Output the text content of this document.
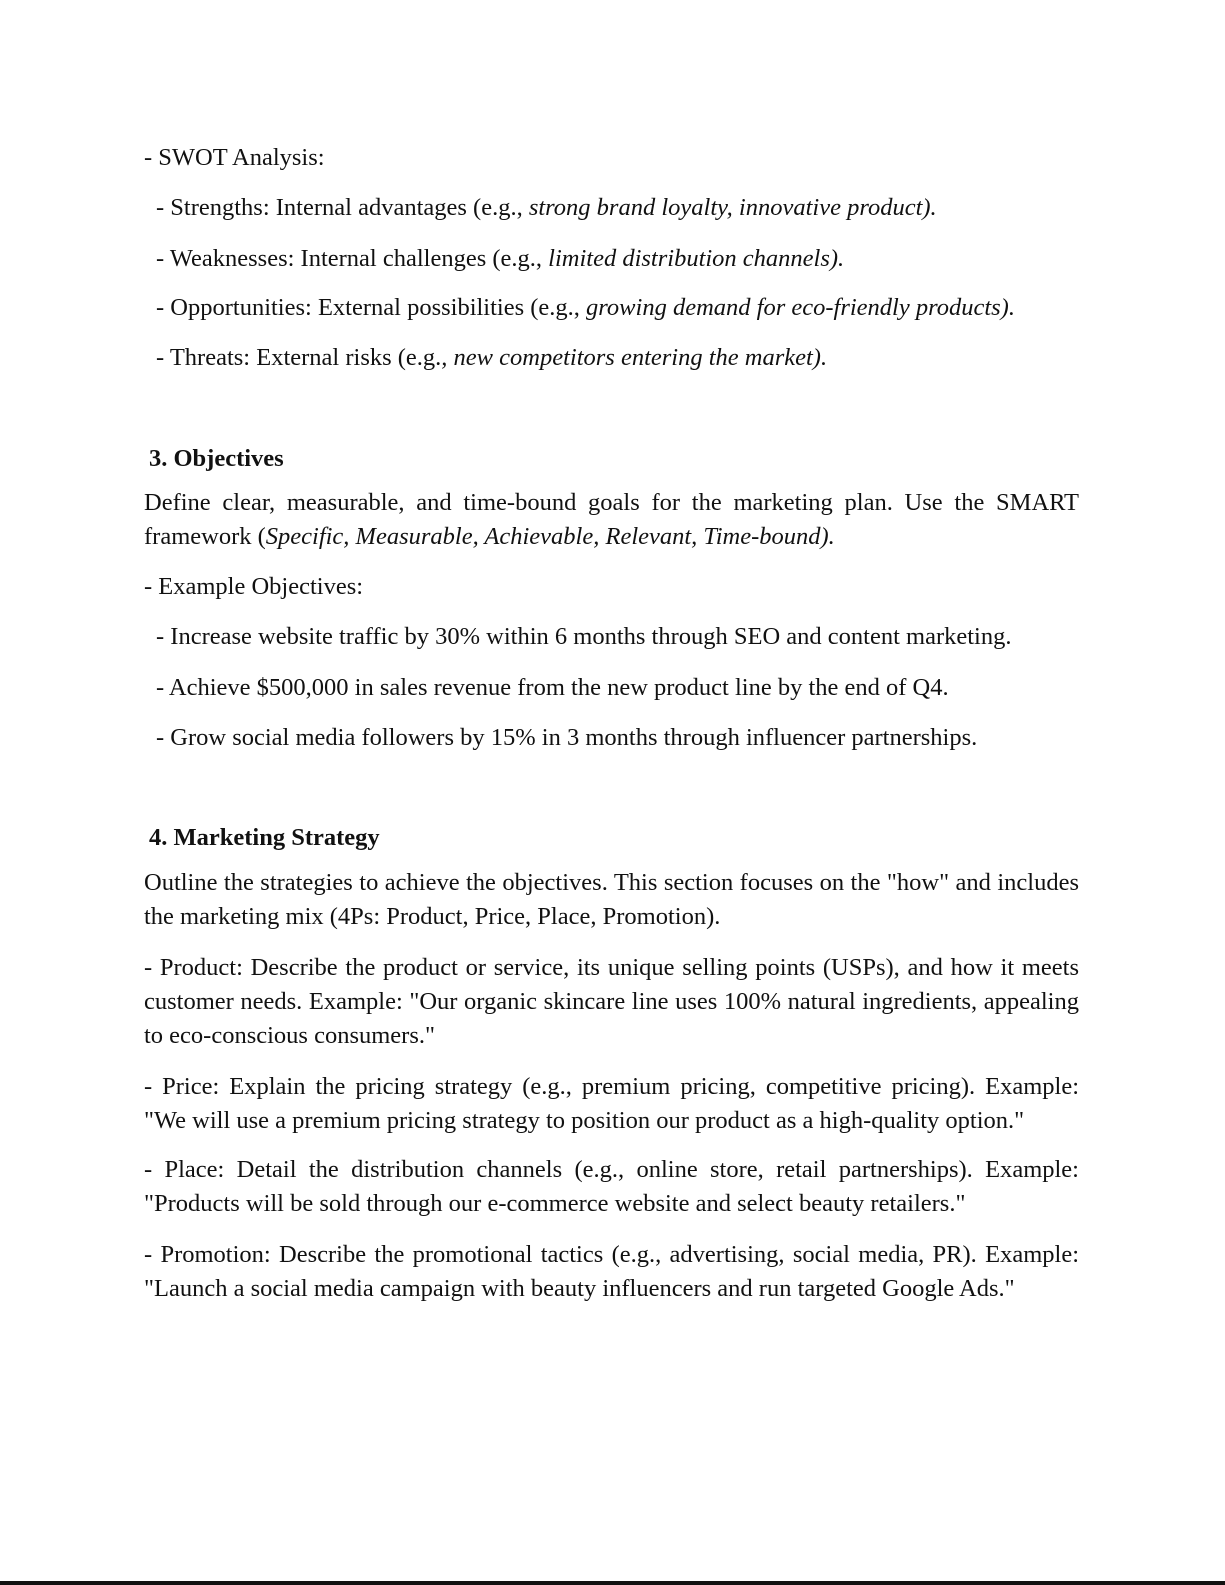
- SWOT Analysis:
- Strengths: Internal advantages (e.g., strong brand loyalty, innovative product).
- Weaknesses: Internal challenges (e.g., limited distribution channels).
- Opportunities: External possibilities (e.g., growing demand for eco-friendly products).
- Threats: External risks (e.g., new competitors entering the market).
3. Objectives
Define clear, measurable, and time-bound goals for the marketing plan. Use the SMART framework (Specific, Measurable, Achievable, Relevant, Time-bound).
- Example Objectives:
- Increase website traffic by 30% within 6 months through SEO and content marketing.
- Achieve $500,000 in sales revenue from the new product line by the end of Q4.
- Grow social media followers by 15% in 3 months through influencer partnerships.
4. Marketing Strategy
Outline the strategies to achieve the objectives. This section focuses on the "how" and includes the marketing mix (4Ps: Product, Price, Place, Promotion).
- Product: Describe the product or service, its unique selling points (USPs), and how it meets customer needs. Example: "Our organic skincare line uses 100% natural ingredients, appealing to eco-conscious consumers."
- Price: Explain the pricing strategy (e.g., premium pricing, competitive pricing). Example: "We will use a premium pricing strategy to position our product as a high-quality option."
- Place: Detail the distribution channels (e.g., online store, retail partnerships). Example: "Products will be sold through our e-commerce website and select beauty retailers."
- Promotion: Describe the promotional tactics (e.g., advertising, social media, PR). Example: "Launch a social media campaign with beauty influencers and run targeted Google Ads."
